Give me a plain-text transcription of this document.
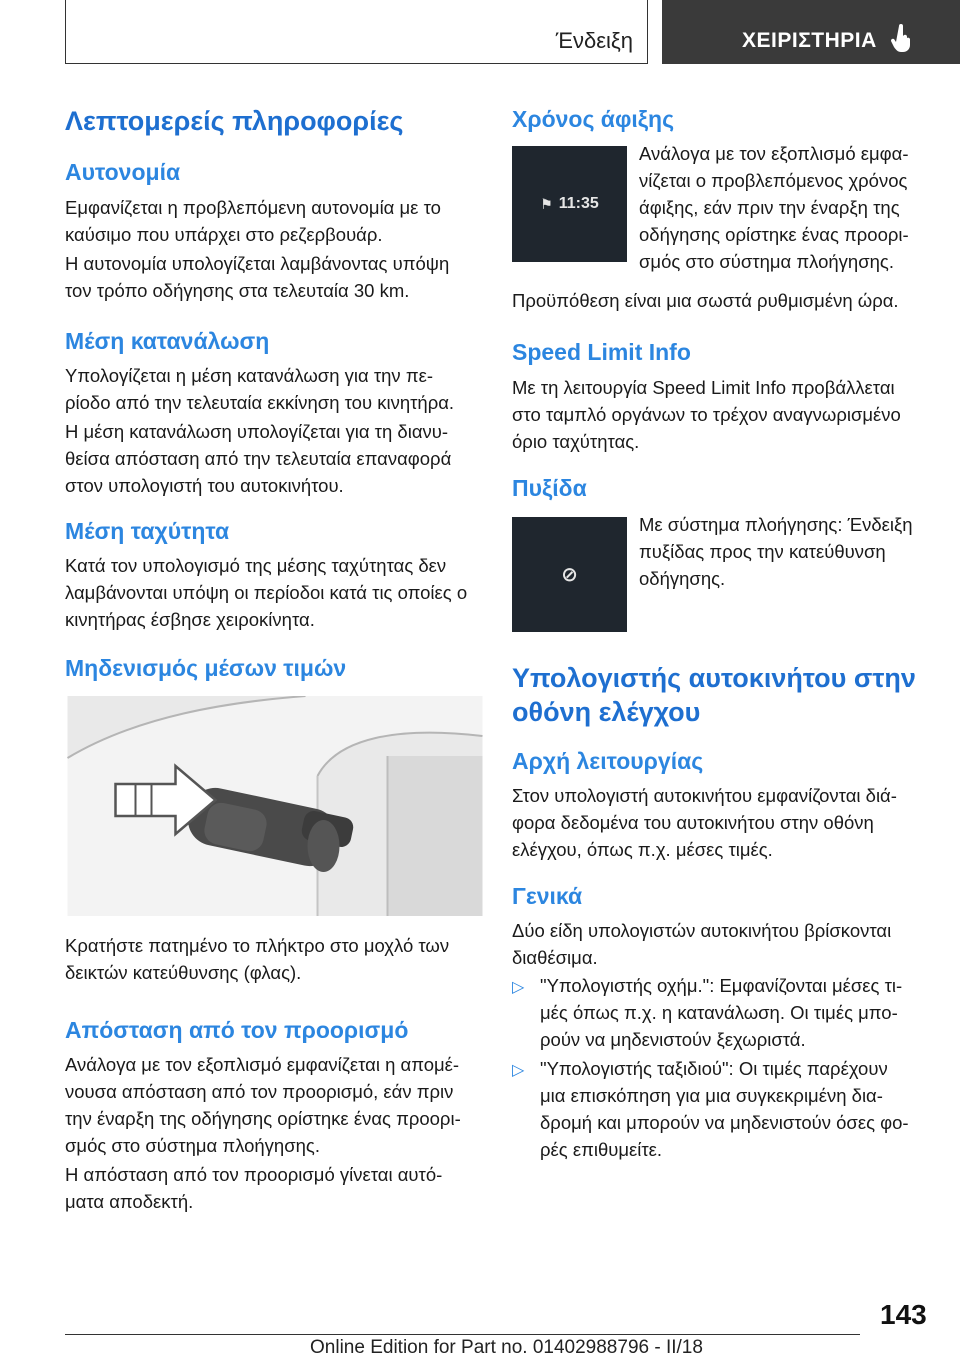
Ένδειξη	ΧΕΙΡΙΣΤΗΡΙΑ
Λεπτομερείς πληροφορίες
Αυτονομία

Εμφανίζεται η προβλεπόμενη αυτονομία με το

καύσιμο που υπάρχει στο ρεζερβουάρ.

Η αυτονομία υπολογίζεται λαμβάνοντας υπόψη

τον τρόπο οδήγησης στα τελευταία 30 km.

Μέση κατανάλωση

Υπολογίζεται η μέση κατανάλωση για την πε-

ρίοδο από την τελευταία εκκίνηση του κινητήρα.

Η μέση κατανάλωση υπολογίζεται για τη διανυ-

θείσα απόσταση από την τελευταία επαναφορά

στον υπολογιστή του αυτοκινήτου.

Μέση ταχύτητα

Κατά τον υπολογισμό της μέσης ταχύτητας δεν

λαμβάνονται υπόψη οι περίοδοι κατά τις οποίες ο

κινητήρας έσβησε χειροκίνητα.

Μηδενισμός μέσων τιμών

Κρατήστε πατημένο το πλήκτρο στο μοχλό των

δεικτών κατεύθυνσης (φλας).

Απόσταση από τον προορισμό

Ανάλογα με τον εξοπλισμό εμφανίζεται η απομέ-

νουσα απόσταση από τον προορισμό, εάν πριν

την έναρξη της οδήγησης ορίστηκε ένας προορι-

σμός στο σύστημα πλοήγησης.

Η απόσταση από τον προορισμό γίνεται αυτό-

ματα αποδεκτή.

Χρόνος άφιξης
⚑ 11:35

Ανάλογα με τον εξοπλισμό εμφα-

νίζεται ο προβλεπόμενος χρόνος

άφιξης, εάν πριν την έναρξη της

οδήγησης ορίστηκε ένας προορι-

σμός στο σύστημα πλοήγησης.

Προϋπόθεση είναι μια σωστά ρυθμισμένη ώρα.

Speed Limit Info

Με τη λειτουργία Speed Limit Info προβάλλεται

στο ταμπλό οργάνων το τρέχον αναγνωρισμένο

όριο ταχύτητας.

Πυξίδα
⊘

Με σύστημα πλοήγησης: Ένδειξη

πυξίδας προς την κατεύθυνση

οδήγησης.

Υπολογιστής αυτοκινήτου στην
οθόνη ελέγχου
Αρχή λειτουργίας

Στον υπολογιστή αυτοκινήτου εμφανίζονται διά-

φορα δεδομένα του αυτοκινήτου στην οθόνη

ελέγχου, όπως π.χ. μέσες τιμές.

Γενικά

Δύο είδη υπολογιστών αυτοκινήτου βρίσκονται

διαθέσιμα.

▷ "Υπολογιστής οχήμ.": Εμφανίζονται μέσες τι-

μές όπως π.χ. η κατανάλωση. Οι τιμές μπο-

ρούν να μηδενιστούν ξεχωριστά.

▷ "Υπολογιστής ταξιδιού": Οι τιμές παρέχουν

μια επισκόπηση για μια συγκεκριμένη δια-

δρομή και μπορούν να μηδενιστούν όσες φο-

ρές επιθυμείτε.

143
Online Edition for Part no. 01402988796 - II/18
